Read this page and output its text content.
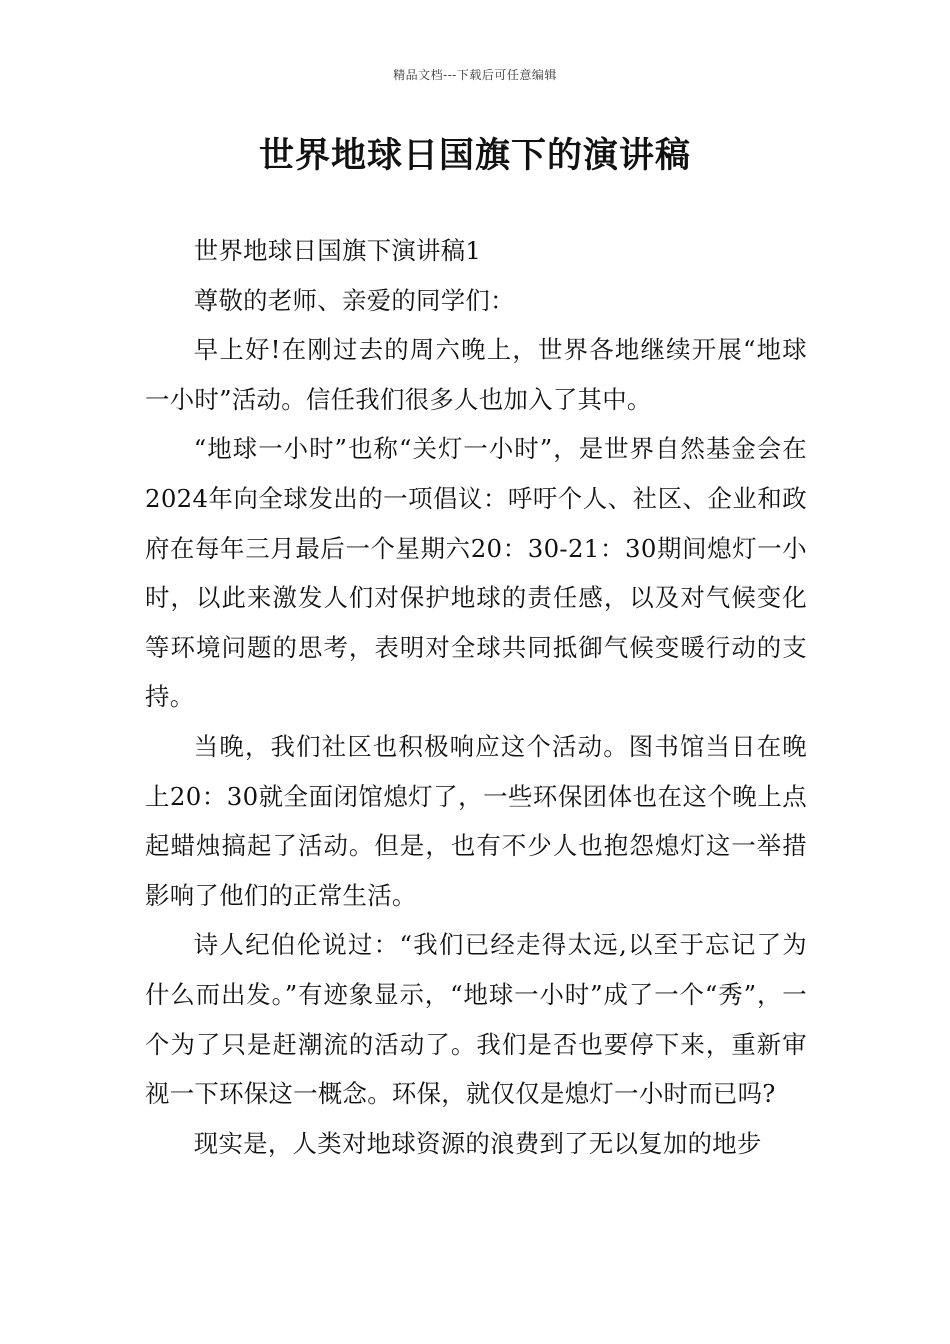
精品文档---下载后可任意编辑
世界地球日国旗下的演讲稿

世界地球日国旗下演讲稿1

尊敬的老师、亲爱的同学们：

早上好!在刚过去的周六晚上，世界各地继续开展“地球一小时”活动。信任我们很多人也加入了其中。

“地球一小时”也称“关灯一小时”，是世界自然基金会在2024年向全球发出的一项倡议：呼吁个人、社区、企业和政府在每年三月最后一个星期六20：30-21：30期间熄灯一小时，以此来激发人们对保护地球的责任感，以及对气候变化等环境问题的思考，表明对全球共同抵御气候变暖行动的支持。

当晚，我们社区也积极响应这个活动。图书馆当日在晚上20：30就全面闭馆熄灯了，一些环保团体也在这个晚上点起蜡烛搞起了活动。但是，也有不少人也抱怨熄灯这一举措影响了他们的正常生活。

诗人纪伯伦说过：“我们已经走得太远,以至于忘记了为什么而出发。”有迹象显示，“地球一小时”成了一个“秀”，一个为了只是赶潮流的活动了。我们是否也要停下来，重新审视一下环保这一概念。环保，就仅仅是熄灯一小时而已吗?

现实是，人类对地球资源的浪费到了无以复加的地步
